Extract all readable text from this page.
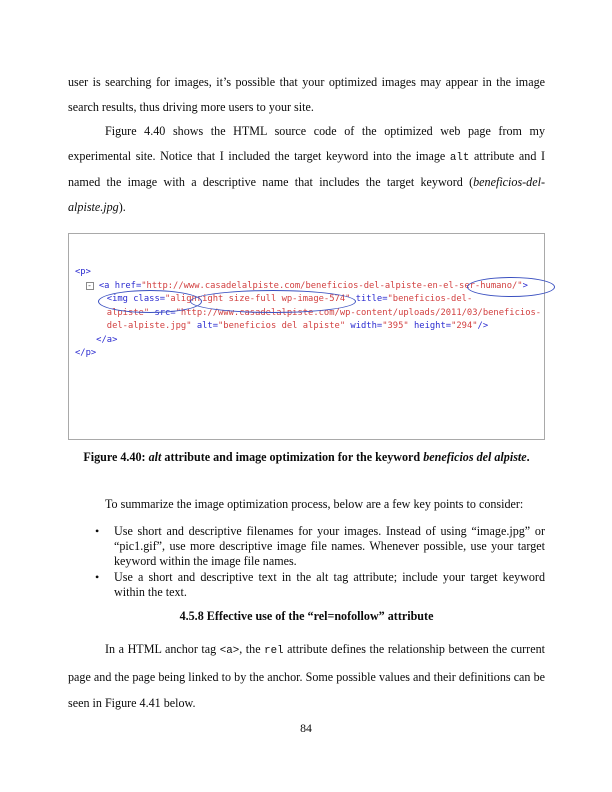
user is searching for images, it’s possible that your optimized images may appear in the image search results, thus driving more users to your site.

Figure 4.40 shows the HTML source code of the optimized web page from my experimental site. Notice that I included the target keyword into the image alt attribute and I named the image with a descriptive name that includes the target keyword (beneficios-del-alpiste.jpg).

<p>
- <a href="http://www.casadelalpiste.com/beneficios-del-alpiste-en-el-ser-humano/">
<img class="alignright size-full wp-image-574" title="beneficios-del-
alpiste" src="http://www.casadelalpiste.com/wp-content/uploads/2011/03/beneficios-
del-alpiste.jpg" alt="beneficios del alpiste" width="395" height="294"/>
</a>
</p>

Figure 4.40: alt attribute and image optimization for the keyword beneficios del alpiste.

To summarize the image optimization process, below are a few key points to consider:

• Use short and descriptive filenames for your images. Instead of using “image.jpg” or “pic1.gif”, use more descriptive image file names. Whenever possible, use your target keyword within the image file names.
• Use a short and descriptive text in the alt tag attribute; include your target keyword within the text.
4.5.8 Effective use of the “rel=nofollow” attribute

In a HTML anchor tag <a>, the rel attribute defines the relationship between the current page and the page being linked to by the anchor. Some possible values and their definitions can be seen in Figure 4.41 below.

84
